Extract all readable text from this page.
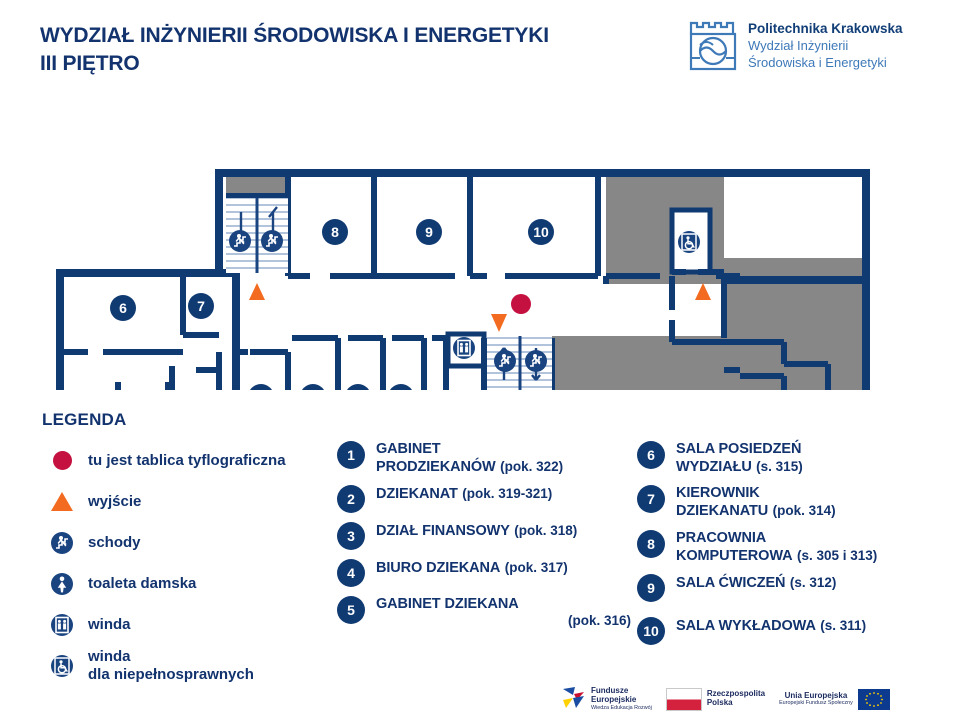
WYDZIAŁ INŻYNIERII ŚRODOWISKA I ENERGETYKI
III PIĘTRO
Politechnika Krakowska
Wydział Inżynierii
Środowiska i Energetyki
8	9	10
6	7
LEGENDA
tu jest tablica tyflograficzna
wyjście
schody
toaleta damska
winda
winda
dla niepełnosprawnych
1	GABINET
PRODZIEKANÓW (pok. 322)
2	DZIEKANAT (pok. 319-321)
3	DZIAŁ FINANSOWY (pok. 318)
4	BIURO DZIEKANA (pok. 317)
5	GABINET DZIEKANA
(pok. 316)
6	SALA POSIEDZEŃ
WYDZIAŁU (s. 315)
7	KIEROWNIK
DZIEKANATU (pok. 314)
8	PRACOWNIA
KOMPUTEROWA (s. 305 i 313)
9	SALA ĆWICZEŃ (s. 312)
10	SALA WYKŁADOWA (s. 311)
Fundusze
Europejskie
Wiedza Edukacja Rozwój
Rzeczpospolita
Polska
Unia Europejska
Europejski Fundusz Społeczny
